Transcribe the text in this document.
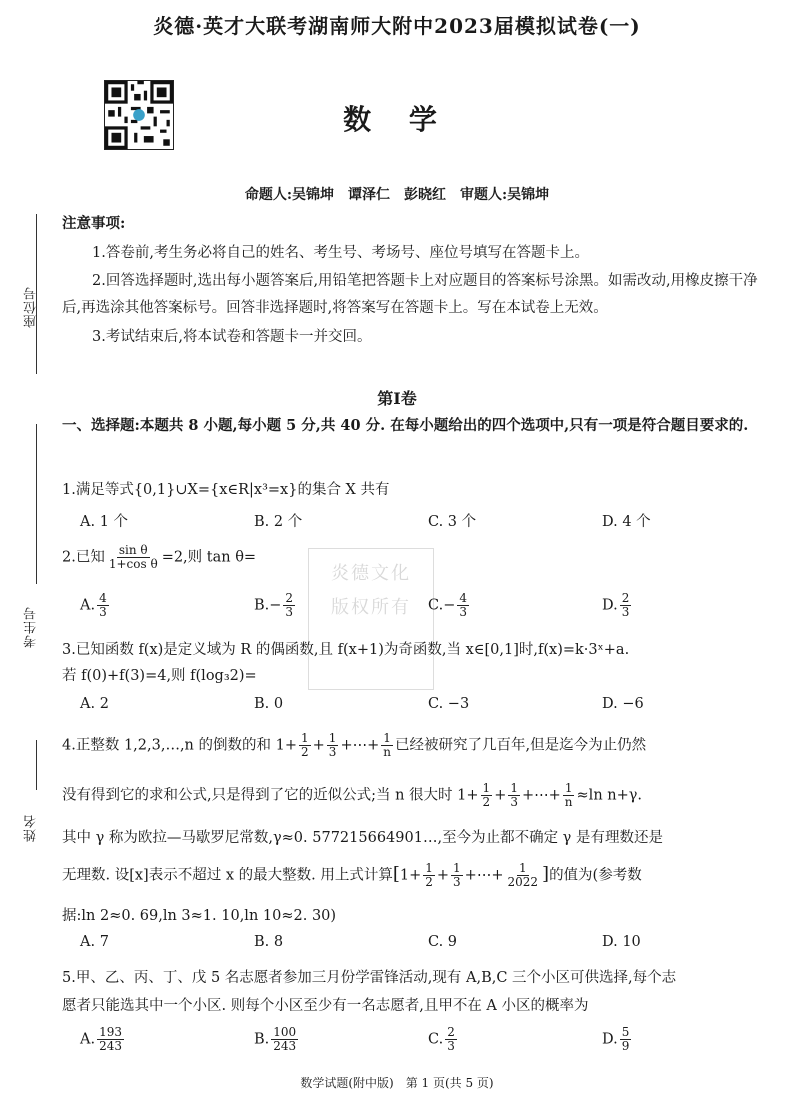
炎德·英才大联考湖南师大附中2023届模拟试卷(一)
数 学
命题人:吴锦坤　谭泽仁　彭晓红　审题人:吴锦坤
座位号
考生号
姓名
注意事项:
1.答卷前,考生务必将自己的姓名、考生号、考场号、座位号填写在答题卡上。
2.回答选择题时,选出每小题答案后,用铅笔把答题卡上对应题目的答案标号涂黑。如需改动,用橡皮擦干净后,再选涂其他答案标号。回答非选择题时,将答案写在答题卡上。写在本试卷上无效。
3.考试结束后,将本试卷和答题卡一并交回。
第Ⅰ卷
一、选择题:本题共 8 小题,每小题 5 分,共 40 分. 在每小题给出的四个选项中,只有一项是符合题目要求的.
炎德文化
版权所有
1.满足等式{0,1}∪X={x∈R|x³=x}的集合 X 共有
A. 1 个	B. 2 个	C. 3 个	D. 4 个
2.已知 $\frac{\text{sin θ}}{\text{1+cos θ}} =2$,则 tan θ=
A. $\frac{4}{3}$	$B.- \frac{2}{3}$	$C.- \frac{4}{3}$	D. $\frac{2}{3}$
3.已知函数 f(x)是定义域为 R 的偶函数,且 f(x+1)为奇函数,当 x∈[0,1]时,f(x)=k·3ˣ+a.
若 f(0)+f(3)=4,则 f(log₃2)=
A. 2	B. 0	C. −3	D. −6
4.正整数 1,2,3,…,n 的倒数的和 $1+ \frac{1}{2} + \frac{1}{3}$ +⋯+ $\frac{1}{n}$ 已经被研究了几百年,但是迄今为止仍然
没有得到它的求和公式,只是得到了它的近似公式;当 n 很大时 $1+ \frac{1}{2} + \frac{1}{3}$ +⋯+ $\frac{1}{n} \approx\ln$ n+γ.
其中 γ 称为欧拉—马歇罗尼常数,γ≈0. 577215664901…,至今为止都不确定 γ 是有理数还是
无理数. 设[x]表示不超过 x 的最大整数. 用上式计算[$1+ \frac{1}{2} + \frac{1}{3}$ +⋯+ $\frac{1}{2022}$ ]的值为(参考数
据:ln 2≈0. 69,ln 3≈1. 10,ln 10≈2. 30)
A. 7	B. 8	C. 9	D. 10
5.甲、乙、丙、丁、戊 5 名志愿者参加三月份学雷锋活动,现有 A,B,C 三个小区可供选择,每个志
愿者只能选其中一个小区. 则每个小区至少有一名志愿者,且甲不在 A 小区的概率为
A. $\frac{193}{243}$	B. $\frac{100}{243}$	C. $\frac{2}{3}$	D. $\frac{5}{9}$
数学试题(附中版)　第 1 页(共 5 页)
